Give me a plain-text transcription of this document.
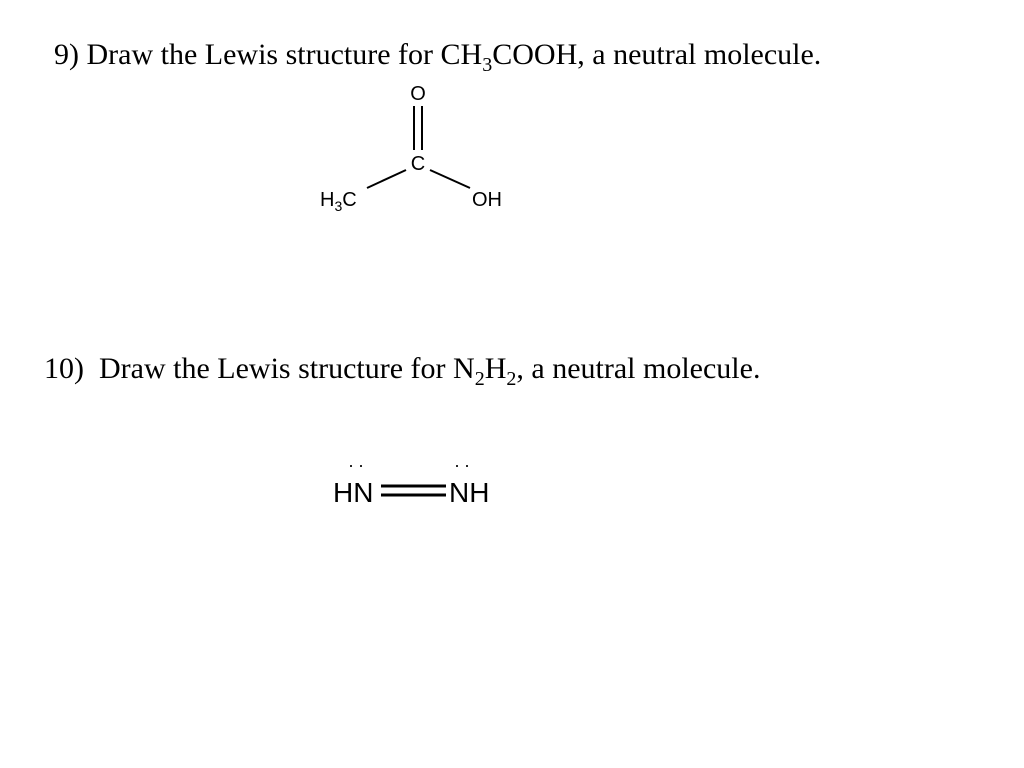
9) Draw the Lewis structure for $CH_3COOH$, a neutral molecule.
10) Draw the Lewis structure for $N_2H_2$, a neutral molecule.
O
C
$H_3C$	OH
. .	. .
HN	NH
